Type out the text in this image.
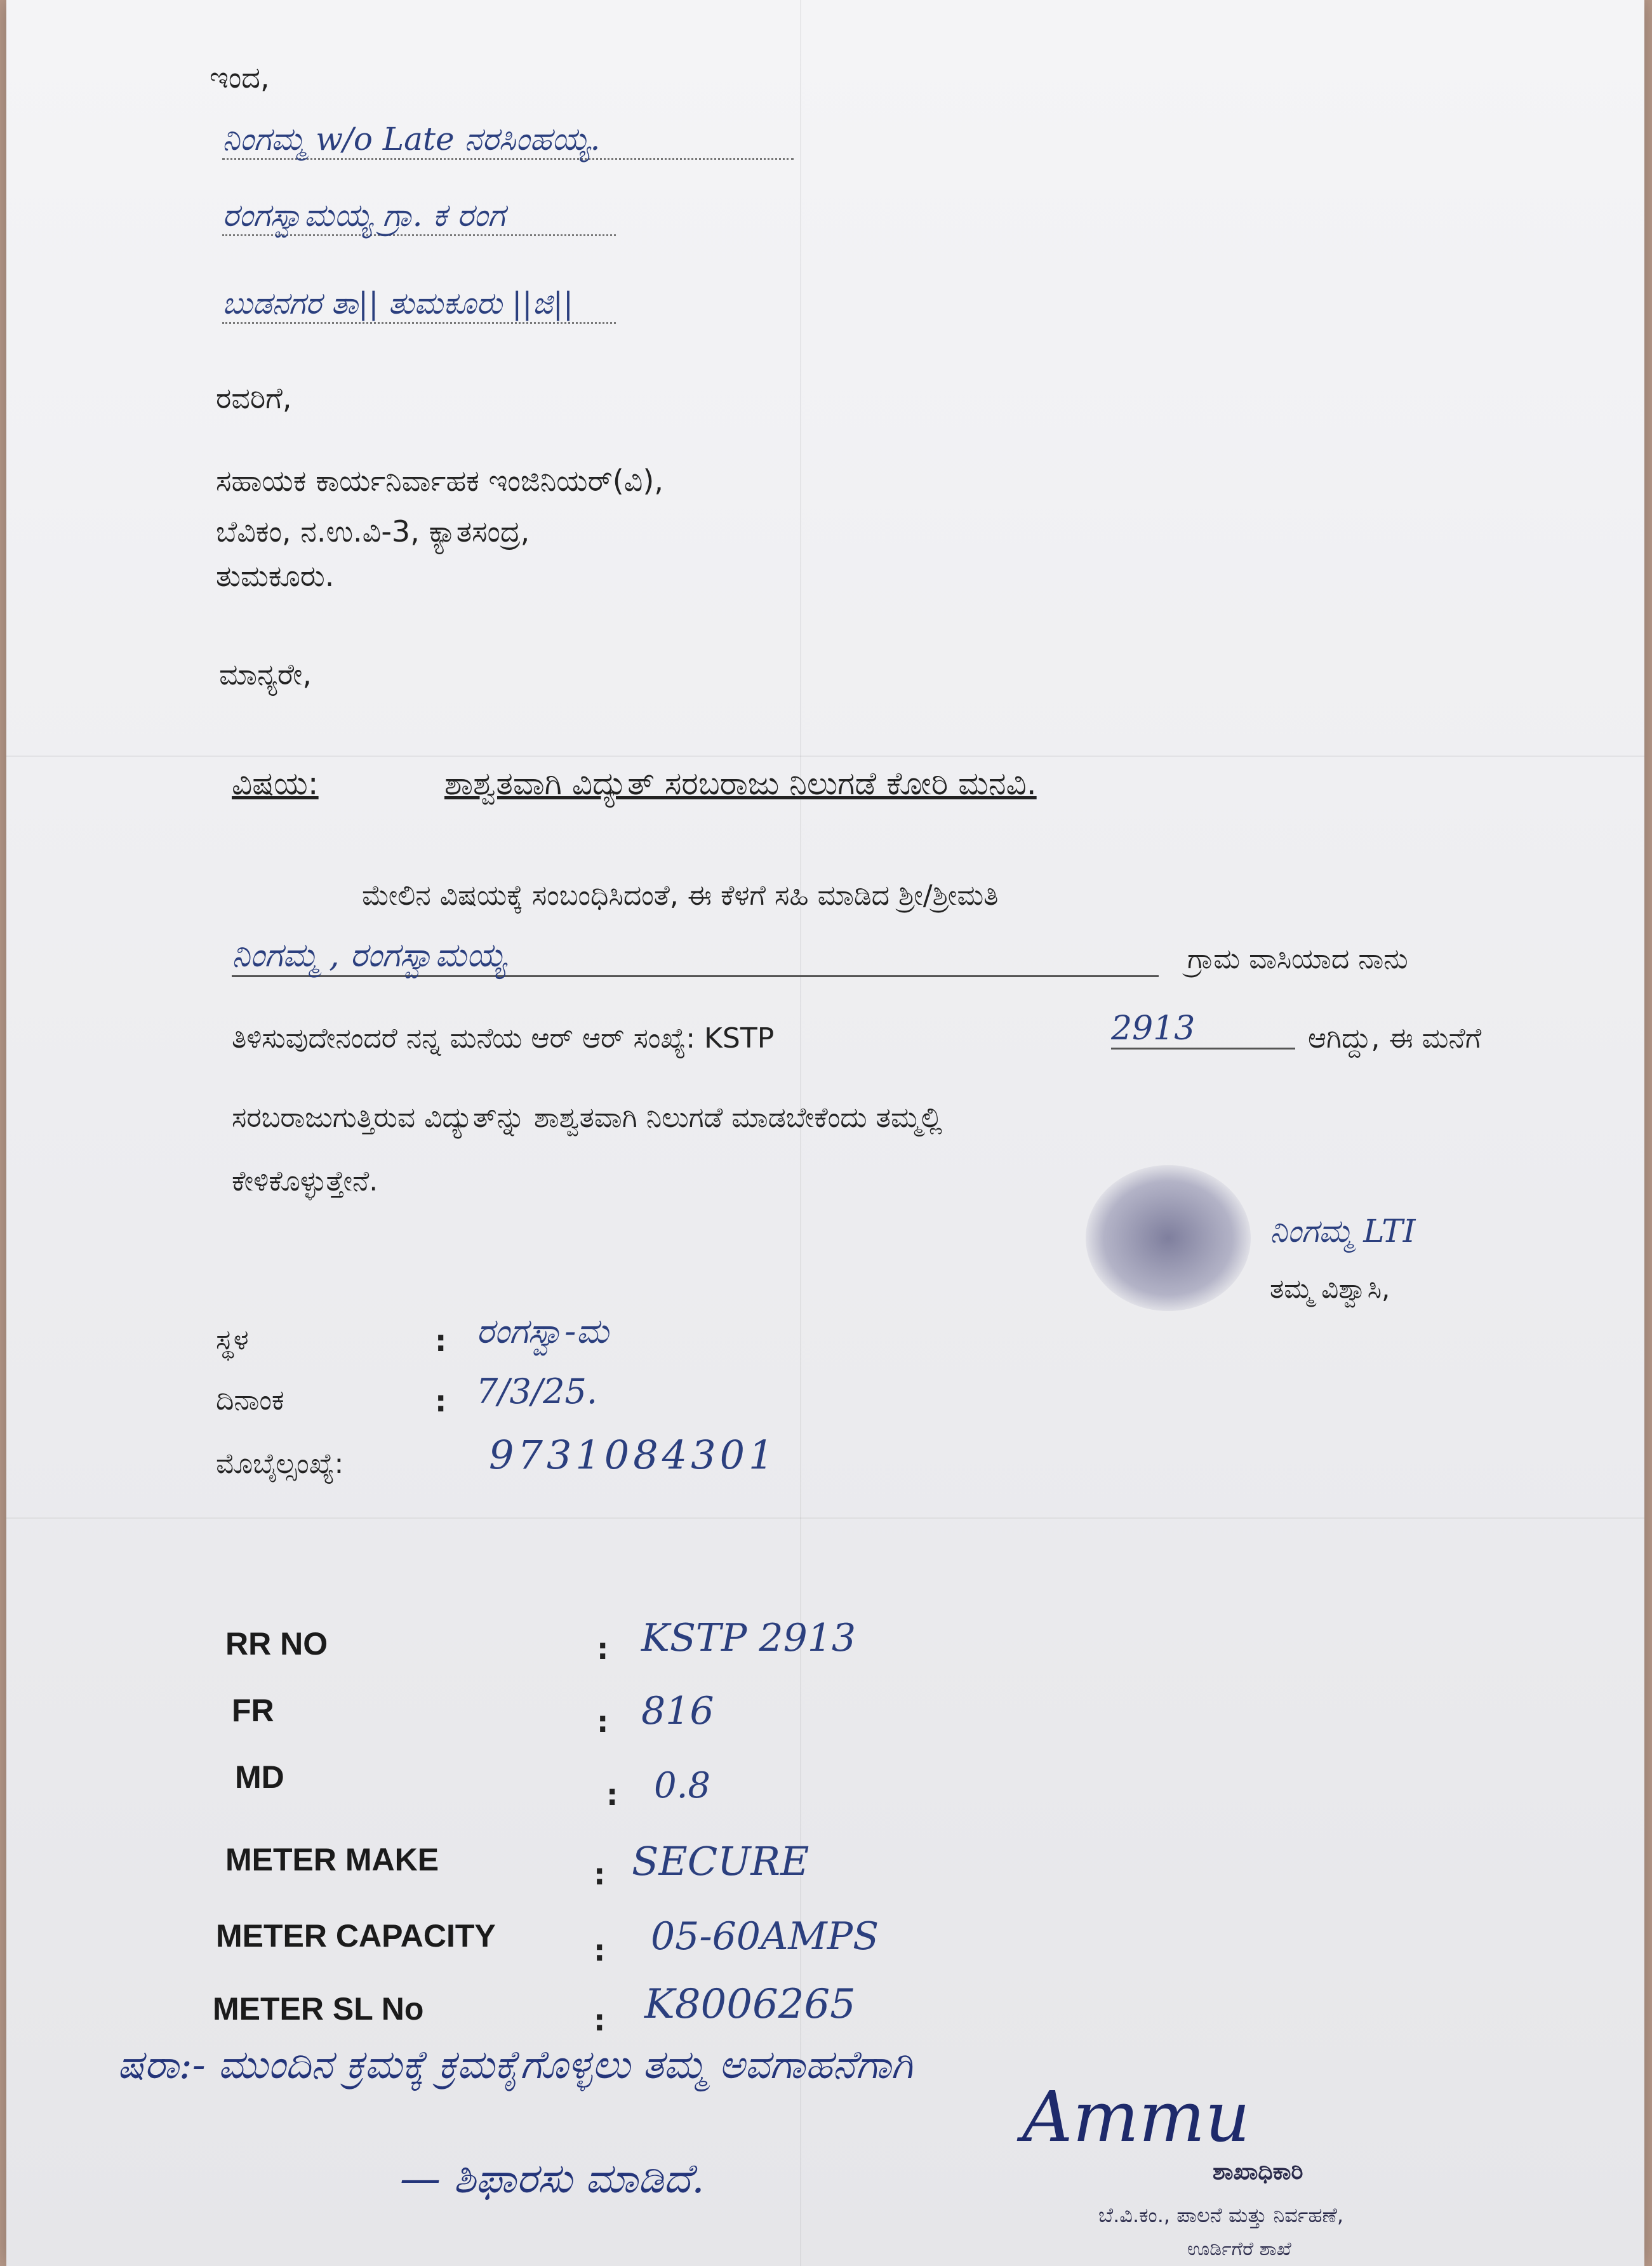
ಇಂದ,
ನಿಂಗಮ್ಮ w/o Late ನರಸಿಂಹಯ್ಯ.
ರಂಗಸ್ವಾಮಯ್ಯ ಗ್ರಾ. ಕ ರಂಗ
ಬುಡನಗರ ತಾ|| ತುಮಕೂರು ||ಜಿ||
ರವರಿಗೆ,
ಸಹಾಯಕ ಕಾರ್ಯನಿರ್ವಾಹಕ ಇಂಜಿನಿಯರ್(ವಿ),
ಬೆವಿಕಂ, ನ.ಉ.ವಿ-3, ಕ್ಯಾತಸಂದ್ರ,
ತುಮಕೂರು.
ಮಾನ್ಯರೇ,
ವಿಷಯ:	ಶಾಶ್ವತವಾಗಿ ವಿದ್ಯುತ್ ಸರಬರಾಜು ನಿಲುಗಡೆ ಕೋರಿ ಮನವಿ.
ಮೇಲಿನ ವಿಷಯಕ್ಕೆ ಸಂಬಂಧಿಸಿದಂತೆ, ಈ ಕೆಳಗೆ ಸಹಿ ಮಾಡಿದ ಶ್ರೀ/ಶ್ರೀಮತಿ
ನಿಂಗಮ್ಮ , ರಂಗಸ್ವಾಮಯ್ಯ	ಗ್ರಾಮ ವಾಸಿಯಾದ ನಾನು
ತಿಳಿಸುವುದೇನಂದರೆ ನನ್ನ ಮನೆಯ ಆರ್ ಆರ್ ಸಂಖ್ಯೆ: KSTP	2913	ಆಗಿದ್ದು, ಈ ಮನೆಗೆ
ಸರಬರಾಜುಗುತ್ತಿರುವ ವಿದ್ಯುತ್‌ನ್ನು ಶಾಶ್ವತವಾಗಿ ನಿಲುಗಡೆ ಮಾಡಬೇಕೆಂದು ತಮ್ಮಲ್ಲಿ
ಕೇಳಿಕೊಳ್ಳುತ್ತೇನೆ.
ನಿಂಗಮ್ಮ LTI
ತಮ್ಮ ವಿಶ್ವಾಸಿ,
ಸ್ಥಳ	: ರಂಗಸ್ವಾ-ಮ
ದಿನಾಂಕ	: 7/3/25.
ಮೊಬೈಲ್ಸಂಖ್ಯೆ:	9731084301
RR NO	: KSTP 2913
FR	: 816
MD	: 0.8
METER MAKE	: SECURE
METER CAPACITY	: 05-60AMPS
METER SL No	: K8006265
ಷರಾ:- ಮುಂದಿನ ಕ್ರಮಕ್ಕೆ ಕ್ರಮಕೈಗೊಳ್ಳಲು ತಮ್ಮ ಅವಗಾಹನೆಗಾಗಿ
— ಶಿಫಾರಸು ಮಾಡಿದೆ.
Ammu
ಶಾಖಾಧಿಕಾರಿ
ಬೆ.ವಿ.ಕಂ., ಪಾಲನೆ ಮತ್ತು ನಿರ್ವಹಣೆ,
ಊರ್ಡಿಗೆರೆ ಶಾಖೆ
